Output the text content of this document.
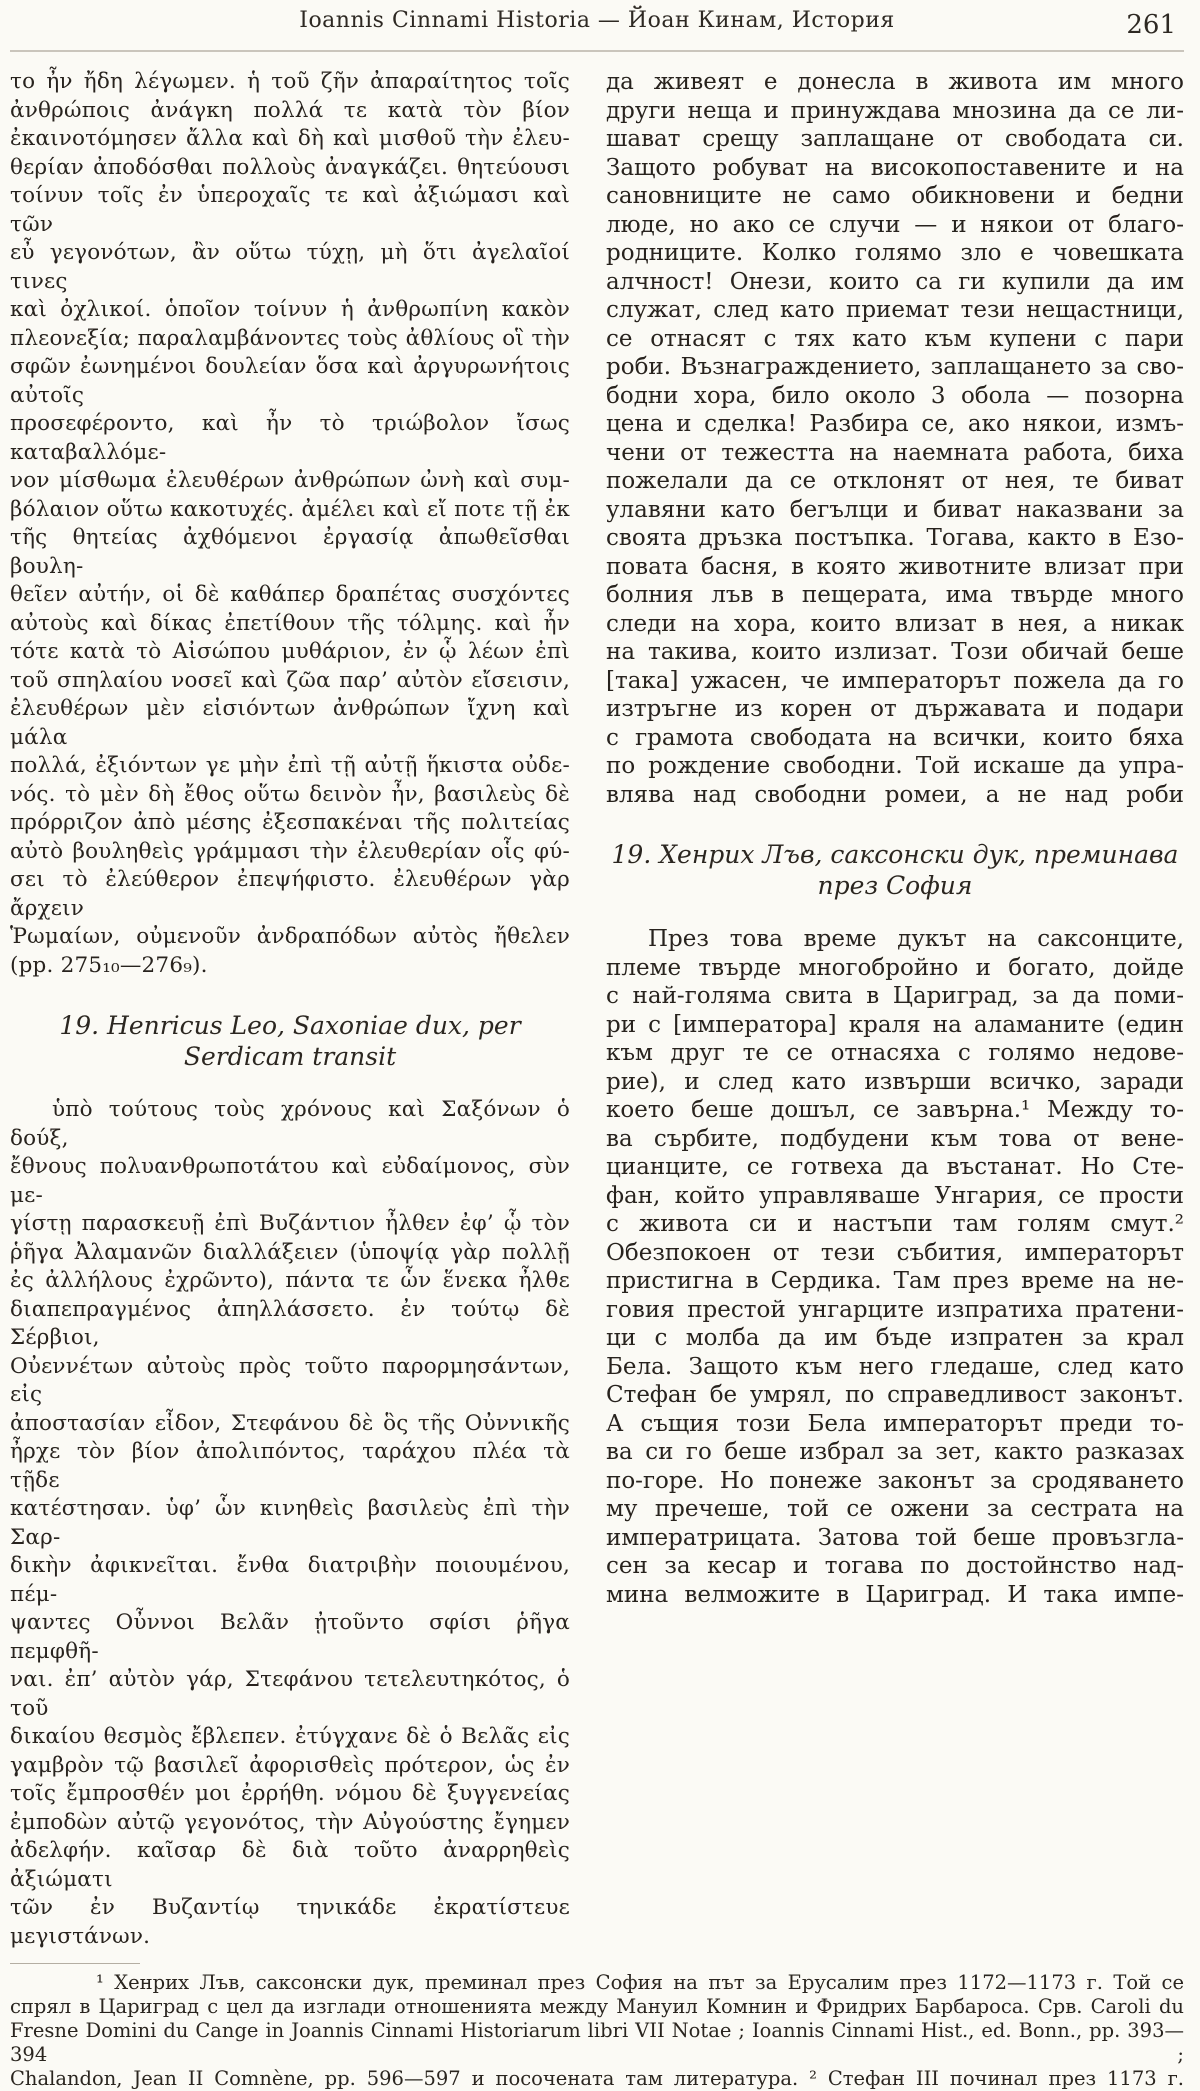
Ioannis Cinnami Historia — Йоан Кинам, История	261
το ἦν ἤδη λέγωμεν. ἡ τοῦ ζῆν ἀπαραίτητος τοῖς
ἀνθρώποις ἀνάγκη πολλά τε κατὰ τὸν βίον
ἐκαινοτόμησεν ἄλλα καὶ δὴ καὶ μισθοῦ τὴν ἐλευ-
θερίαν ἀποδόσθαι πολλοὺς ἀναγκάζει. θητεύουσι
τοίνυν τοῖς ἐν ὑπεροχαῖς τε καὶ ἀξιώμασι καὶ τῶν
εὖ γεγονότων, ἂν οὕτω τύχῃ, μὴ ὅτι ἀγελαῖοί τινες
καὶ ὀχλικοί. ὁποῖον τοίνυν ἡ ἀνθρωπίνη κακὸν
πλεονεξία; παραλαμβάνοντες τοὺς ἀθλίους οἳ τὴν
σφῶν ἐωνημένοι δουλείαν ὅσα καὶ ἀργυρωνήτοις αὐτοῖς
προσεφέροντο, καὶ ἦν τὸ τριώβολον ἴσως καταβαλλόμε-
νον μίσθωμα ἐλευθέρων ἀνθρώπων ὠνὴ καὶ συμ-
βόλαιον οὕτω κακοτυχές. ἀμέλει καὶ εἴ ποτε τῇ ἐκ
τῆς θητείας ἀχθόμενοι ἐργασίᾳ ἀπωθεῖσθαι βουλη-
θεῖεν αὐτήν, οἱ δὲ καθάπερ δραπέτας συσχόντες
αὐτοὺς καὶ δίκας ἐπετίθουν τῆς τόλμης. καὶ ἦν
τότε κατὰ τὸ Αἰσώπου μυθάριον, ἐν ᾧ λέων ἐπὶ
τοῦ σπηλαίου νοσεῖ καὶ ζῶα παρ’ αὐτὸν εἴσεισιν,
ἐλευθέρων μὲν εἰσιόντων ἀνθρώπων ἴχνη καὶ μάλα
πολλά, ἐξιόντων γε μὴν ἐπὶ τῇ αὐτῇ ἥκιστα οὐδε-
νός. τὸ μὲν δὴ ἔθος οὕτω δεινὸν ἦν, βασιλεὺς δὲ
πρόρριζον ἀπὸ μέσης ἐξεσπακέναι τῆς πολιτείας
αὐτὸ βουληθεὶς γράμμασι τὴν ἐλευθερίαν οἷς φύ-
σει τὸ ἐλεύθερον ἐπεψήφιστο. ἐλευθέρων γὰρ ἄρχειν
Ῥωμαίων, οὐμενοῦν ἀνδραπόδων αὐτὸς ἤθελεν
(pp. 275₁₀—276₉).
19. Henricus Leo, Saxoniae dux, per
Serdicam transit
ὑπὸ τούτους τοὺς χρόνους καὶ Σαξόνων ὁ δούξ,
ἔθνους πολυανθρωποτάτου καὶ εὐδαίμονος, σὺν με-
γίστῃ παρασκευῇ ἐπὶ Βυζάντιον ἦλθεν ἐφ’ ᾧ τὸν
ῥῆγα Ἀλαμανῶν διαλλάξειεν (ὑποψίᾳ γὰρ πολλῇ
ἐς ἀλλήλους ἐχρῶντο), πάντα τε ὧν ἕνεκα ἦλθε
διαπεπραγμένος ἀπηλλάσσετο. ἐν τούτῳ δὲ Σέρβιοι,
Οὐεννέτων αὐτοὺς πρὸς τοῦτο παρορμησάντων, εἰς
ἀποστασίαν εἶδον, Στεφάνου δὲ ὃς τῆς Οὐννικῆς
ἦρχε τὸν βίον ἀπολιπόντος, ταράχου πλέα τὰ τῇδε
κατέστησαν. ὑφ’ ὧν κινηθεὶς βασιλεὺς ἐπὶ τὴν Σαρ-
δικὴν ἀφικνεῖται. ἔνθα διατριβὴν ποιουμένου, πέμ-
ψαντες Οὖννοι Βελᾶν ᾐτοῦντο σφίσι ῥῆγα πεμφθῆ-
ναι. ἐπ’ αὐτὸν γάρ, Στεφάνου τετελευτηκότος, ὁ τοῦ
δικαίου θεσμὸς ἔβλεπεν. ἐτύγχανε δὲ ὁ Βελᾶς εἰς
γαμβρὸν τῷ βασιλεῖ ἀφορισθεὶς πρότερον, ὡς ἐν
τοῖς ἔμπροσθέν μοι ἐρρήθη. νόμου δὲ ξυγγενείας
ἐμποδὼν αὐτῷ γεγονότος, τὴν Αὐγούστης ἔγημεν
ἀδελφήν. καῖσαρ δὲ διὰ τοῦτο ἀναρρηθεὶς ἀξιώματι
τῶν ἐν Βυζαντίῳ τηνικάδε ἐκρατίστευε μεγιστάνων.
да живеят е донесла в живота им много
други неща и принуждава мнозина да се ли-
шават срещу заплащане от свободата си.
Защото робуват на високопоставените и на
сановниците не само обикновени и бедни
люде, но ако се случи — и някои от благо-
родниците. Колко голямо зло е човешката
алчност! Онези, които са ги купили да им
служат, след като приемат тези нещастници,
се отнасят с тях като към купени с пари
роби. Възнаграждението, заплащането за сво-
бодни хора, било около 3 обола — позорна
цена и сделка! Разбира се, ако някои, измъ-
чени от тежестта на наемната работа, биха
пожелали да се отклонят от нея, те биват
улавяни като бегълци и биват наказвани за
своята дръзка постъпка. Тогава, както в Езо-
повата басня, в която животните влизат при
болния лъв в пещерата, има твърде много
следи на хора, които влизат в нея, а никак
на такива, които излизат. Този обичай беше
[така] ужасен, че императорът пожела да го
изтръгне из корен от държавата и подари
с грамота свободата на всички, които бяха
по рождение свободни. Той искаше да упра-
влява над свободни ромеи, а не над роби
19. Хенрих Лъв, саксонски дук, преминава
през София
През това време дукът на саксонците,
племе твърде многобройно и богато, дойде
с най-голяма свита в Цариград, за да поми-
ри с [императора] краля на аламаните (един
към друг те се отнасяха с голямо недове-
рие), и след като извърши всичко, заради
което беше дошъл, се завърна.¹ Между то-
ва сърбите, подбудени към това от вене-
цианците, се готвеха да въстанат. Но Сте-
фан, който управляваше Унгария, се прости
с живота си и настъпи там голям смут.²
Обезпокоен от тези събития, императорът
пристигна в Сердика. Там през време на не-
говия престой унгарците изпратиха пратени-
ци с молба да им бъде изпратен за крал
Бела. Защото към него гледаше, след като
Стефан бе умрял, по справедливост законът.
А същия този Бела императорът преди то-
ва си го беше избрал за зет, както разказах
по-горе. Но понеже законът за сродяването
му пречеше, той се ожени за сестрата на
императрицата. Затова той беше провъзгла-
сен за кесар и тогава по достойнство над-
мина велможите в Цариград. И така импе-
¹ Хенрих Лъв, саксонски дук, преминал през София на път за Ерусалим през 1172—1173 г. Той се
спрял в Цариград с цел да изглади отношенията между Мануил Комнин и Фридрих Барбароса. Срв. Caroli du
Fresne Domini du Cange in Joannis Cinnami Historiarum libri VII Notae ; Ioannis Cinnami Hist., ed. Bonn., pp. 393—394 ;
Chalandon, Jean II Comnène, pp. 596—597 и посочената там литература. ² Стефан III починал през 1173 г.
